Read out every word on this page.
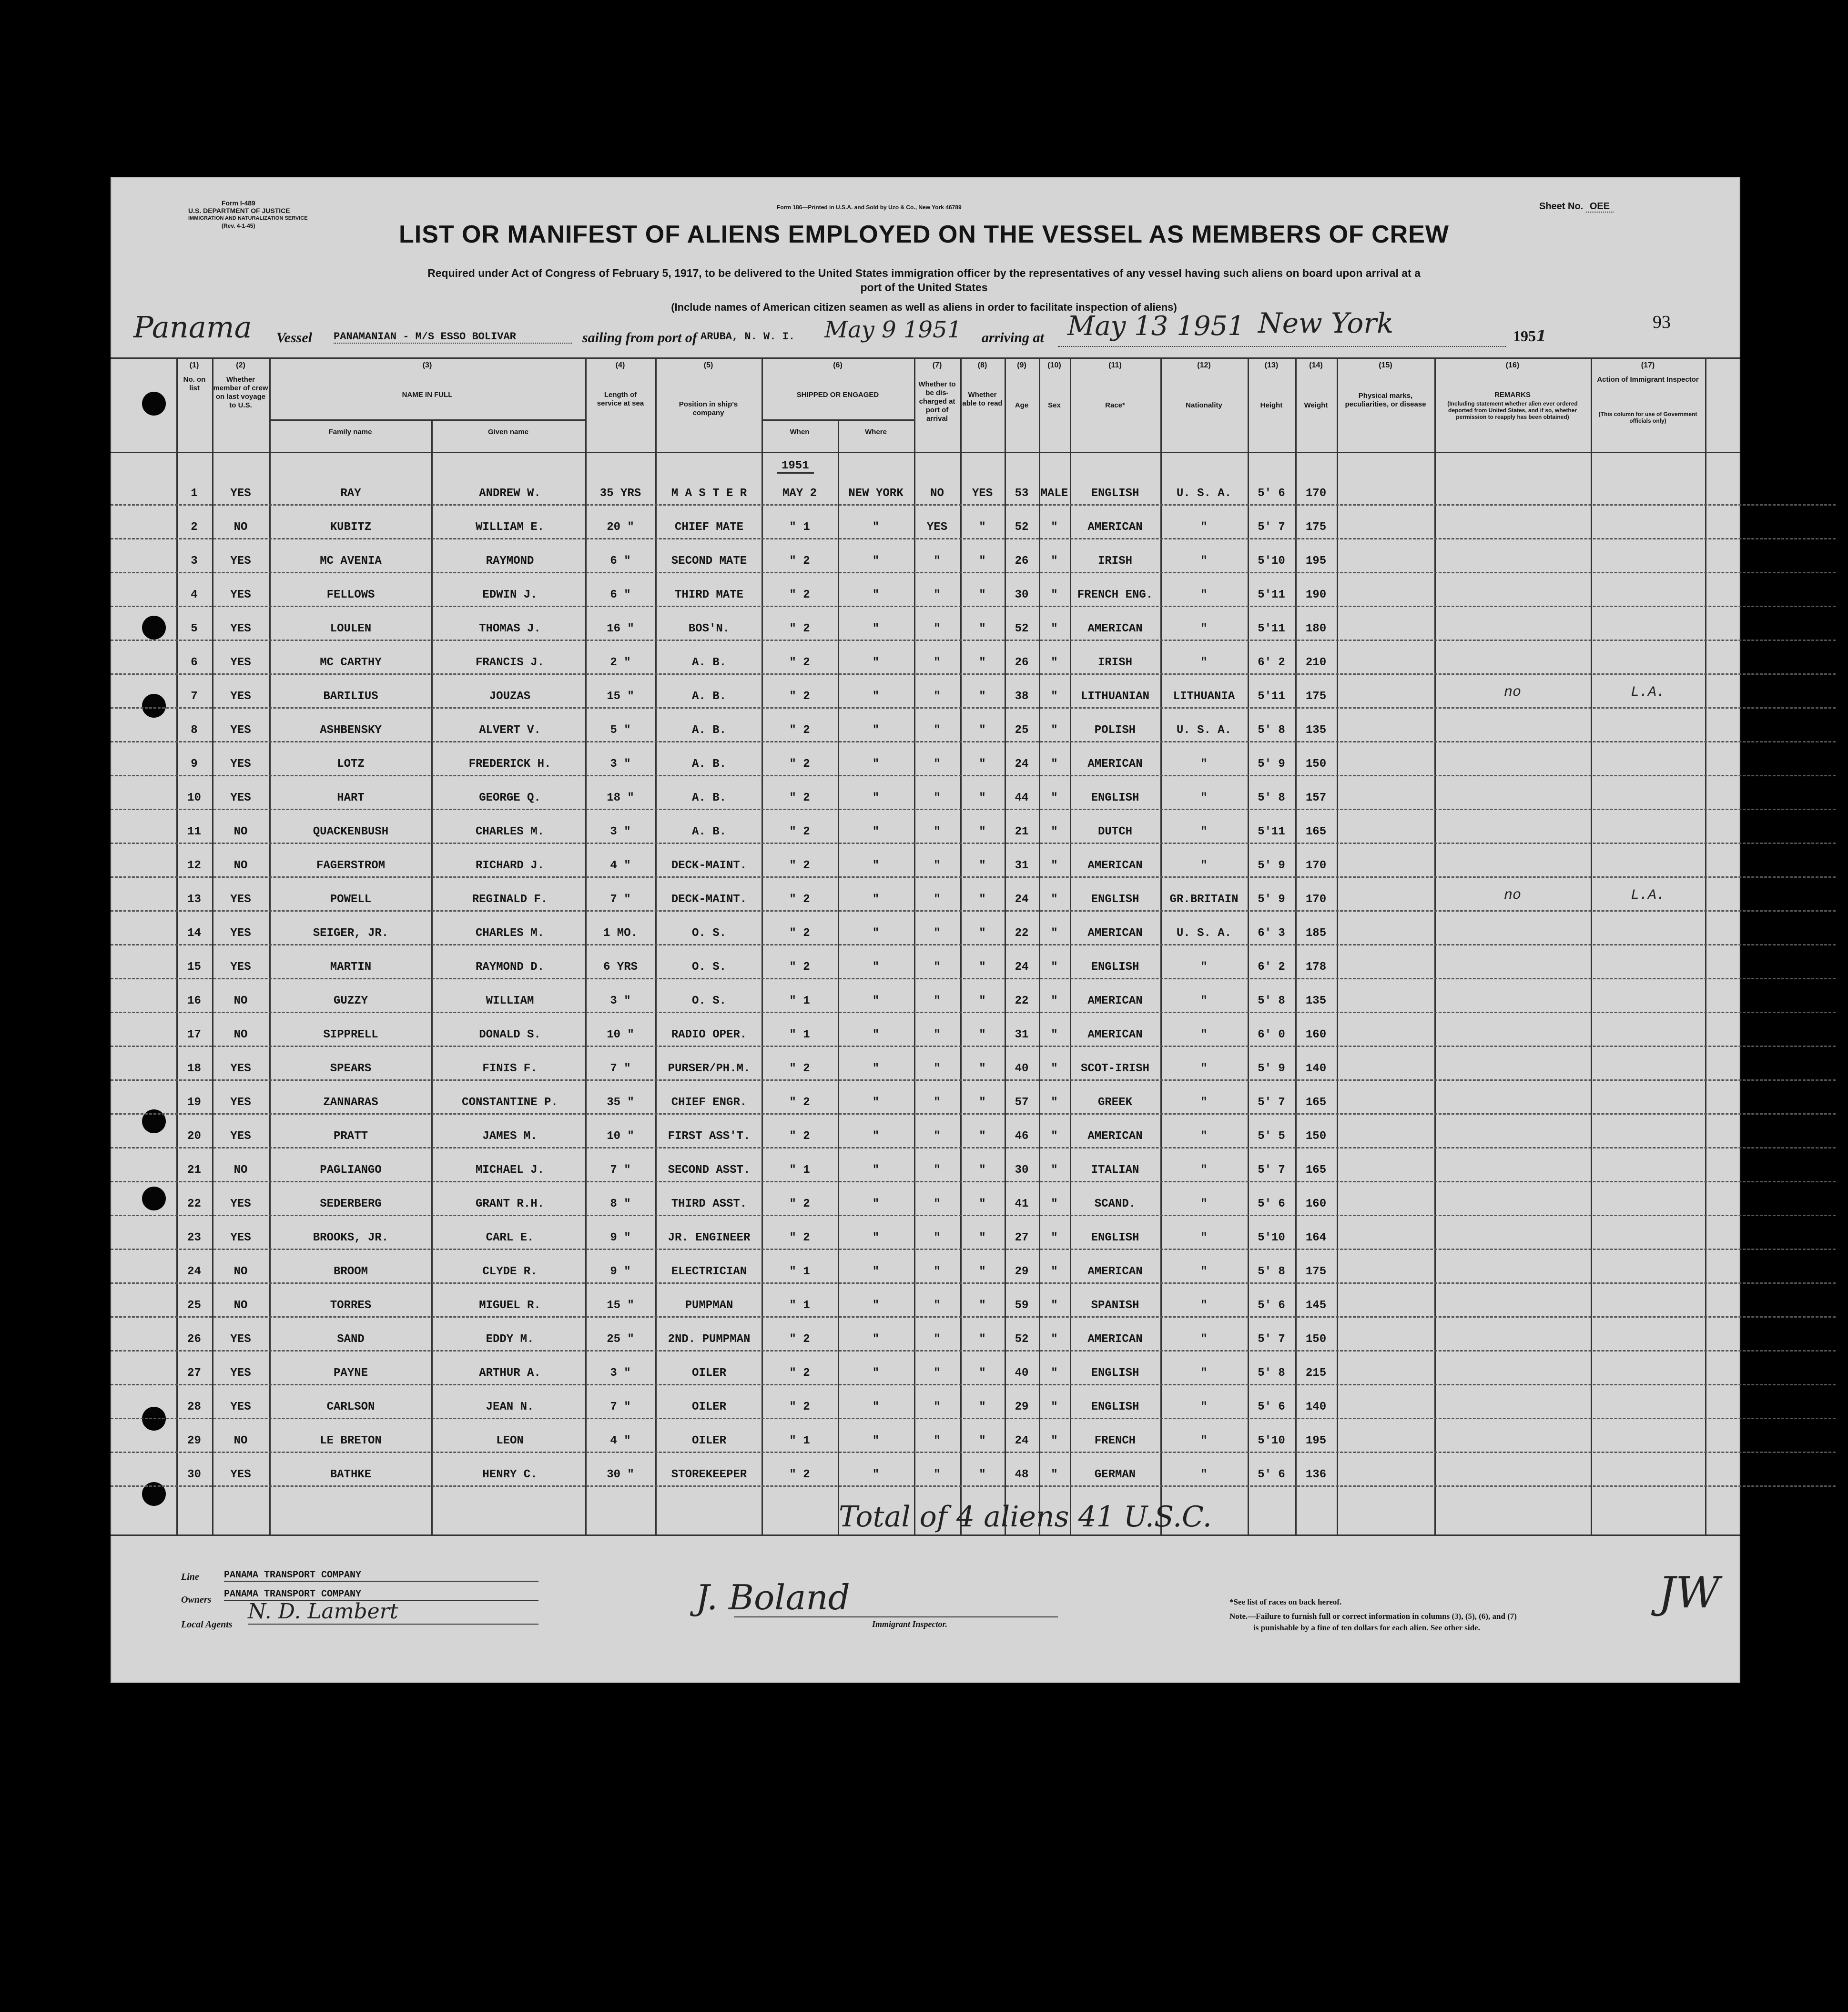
Form I-489
U.S. DEPARTMENT OF JUSTICE
IMMIGRATION AND NATURALIZATION SERVICE
(Rev. 4-1-45)
Form 186—Printed in U.S.A. and Sold by Uzo & Co., New York 46789	Sheet No. OEE
LIST OR MANIFEST OF ALIENS EMPLOYED ON THE VESSEL AS MEMBERS OF CREW
Required under Act of Congress of February 5, 1917, to be delivered to the United States immigration officer by the representatives of any vessel having such aliens on board upon arrival at a
port of the United States
(Include names of American citizen seamen as well as aliens in order to facilitate inspection of aliens)
Panama Vessel PANAMANIAN - M/S ESSO BOLIVAR	sailing from port of ARUBA, N. W. I. May 9 1951 arriving at May 13 1951 New York	1951
93
(1)
No. on list
(2)
Whether member of crew on last voyage to U.S.
(3)
NAME IN FULL
Family name	Given name
(4)
Length of service at sea
(5)
Position in ship's company
(6)
SHIPPED OR ENGAGED
When	Where
(7)
Whether to be dis-charged at port of arrival
(8)
Whether able to read
(9)
Age
(10)
Sex
(11)
Race*
(12)
Nationality
(13)
Height
(14)
Weight
(15)
Physical marks, peculiarities, or disease
(16)
REMARKS
(Including statement whether alien ever ordered deported from United States, and if so, whether permission to reapply has been obtained)
(17)
Action of Immigrant Inspector
(This column for use of Government officials only)
1951
1	YES	RAY	ANDREW W.	35 YRS	M A S T E R	MAY 2	NEW YORK	NO	YES	53	MALE	ENGLISH	U. S. A.	5' 6	170
2	NO	KUBITZ	WILLIAM E.	20 "	CHIEF MATE	" 1	"	YES	"	52	"	AMERICAN	"	5' 7	175
3	YES	MC AVENIA	RAYMOND	6 "	SECOND MATE	" 2	"	"	"	26	"	IRISH	"	5'10	195
4	YES	FELLOWS	EDWIN J.	6 "	THIRD MATE	" 2	"	"	"	30	"	FRENCH ENG.	"	5'11	190
5	YES	LOULEN	THOMAS J.	16 "	BOS'N.	" 2	"	"	"	52	"	AMERICAN	"	5'11	180
6	YES	MC CARTHY	FRANCIS J.	2 "	A. B.	" 2	"	"	"	26	"	IRISH	"	6' 2	210
7	YES	BARILIUS	JOUZAS	15 "	A. B.	" 2	"	"	"	38	"	LITHUANIAN	LITHUANIA	5'11	175	no	L.A.
8	YES	ASHBENSKY	ALVERT V.	5 "	A. B.	" 2	"	"	"	25	"	POLISH	U. S. A.	5' 8	135
9	YES	LOTZ	FREDERICK H.	3 "	A. B.	" 2	"	"	"	24	"	AMERICAN	"	5' 9	150
10	YES	HART	GEORGE Q.	18 "	A. B.	" 2	"	"	"	44	"	ENGLISH	"	5' 8	157
11	NO	QUACKENBUSH	CHARLES M.	3 "	A. B.	" 2	"	"	"	21	"	DUTCH	"	5'11	165
12	NO	FAGERSTROM	RICHARD J.	4 "	DECK-MAINT.	" 2	"	"	"	31	"	AMERICAN	"	5' 9	170
13	YES	POWELL	REGINALD F.	7 "	DECK-MAINT.	" 2	"	"	"	24	"	ENGLISH	GR.BRITAIN	5' 9	170	no	L.A.
14	YES	SEIGER, JR.	CHARLES M.	1 MO.	O. S.	" 2	"	"	"	22	"	AMERICAN	U. S. A.	6' 3	185
15	YES	MARTIN	RAYMOND D.	6 YRS	O. S.	" 2	"	"	"	24	"	ENGLISH	"	6' 2	178
16	NO	GUZZY	WILLIAM	3 "	O. S.	" 1	"	"	"	22	"	AMERICAN	"	5' 8	135
17	NO	SIPPRELL	DONALD S.	10 "	RADIO OPER.	" 1	"	"	"	31	"	AMERICAN	"	6' 0	160
18	YES	SPEARS	FINIS F.	7 "	PURSER/PH.M.	" 2	"	"	"	40	"	SCOT-IRISH	"	5' 9	140
19	YES	ZANNARAS	CONSTANTINE P.	35 "	CHIEF ENGR.	" 2	"	"	"	57	"	GREEK	"	5' 7	165
20	YES	PRATT	JAMES M.	10 "	FIRST ASS'T.	" 2	"	"	"	46	"	AMERICAN	"	5' 5	150
21	NO	PAGLIANGO	MICHAEL J.	7 "	SECOND ASST.	" 1	"	"	"	30	"	ITALIAN	"	5' 7	165
22	YES	SEDERBERG	GRANT R.H.	8 "	THIRD ASST.	" 2	"	"	"	41	"	SCAND.	"	5' 6	160
23	YES	BROOKS, JR.	CARL E.	9 "	JR. ENGINEER	" 2	"	"	"	27	"	ENGLISH	"	5'10	164
24	NO	BROOM	CLYDE R.	9 "	ELECTRICIAN	" 1	"	"	"	29	"	AMERICAN	"	5' 8	175
25	NO	TORRES	MIGUEL R.	15 "	PUMPMAN	" 1	"	"	"	59	"	SPANISH	"	5' 6	145
26	YES	SAND	EDDY M.	25 "	2ND. PUMPMAN	" 2	"	"	"	52	"	AMERICAN	"	5' 7	150
27	YES	PAYNE	ARTHUR A.	3 "	OILER	" 2	"	"	"	40	"	ENGLISH	"	5' 8	215
28	YES	CARLSON	JEAN N.	7 "	OILER	" 2	"	"	"	29	"	ENGLISH	"	5' 6	140
29	NO	LE BRETON	LEON	4 "	OILER	" 1	"	"	"	24	"	FRENCH	"	5'10	195
30	YES	BATHKE	HENRY C.	30 "	STOREKEEPER	" 2	"	"	"	48	"	GERMAN	"	5' 6	136
Total of 4 aliens 41 U.S.C.
Line	PANAMA TRANSPORT COMPANY
Owners PANAMA TRANSPORT COMPANY
Local Agents
N. D. Lambert	J. Boland
Immigrant Inspector.
*See list of races on back hereof.
Note.—Failure to furnish full or correct information in columns (3), (5), (6), and (7)
is punishable by a fine of ten dollars for each alien. See other side.
JW
